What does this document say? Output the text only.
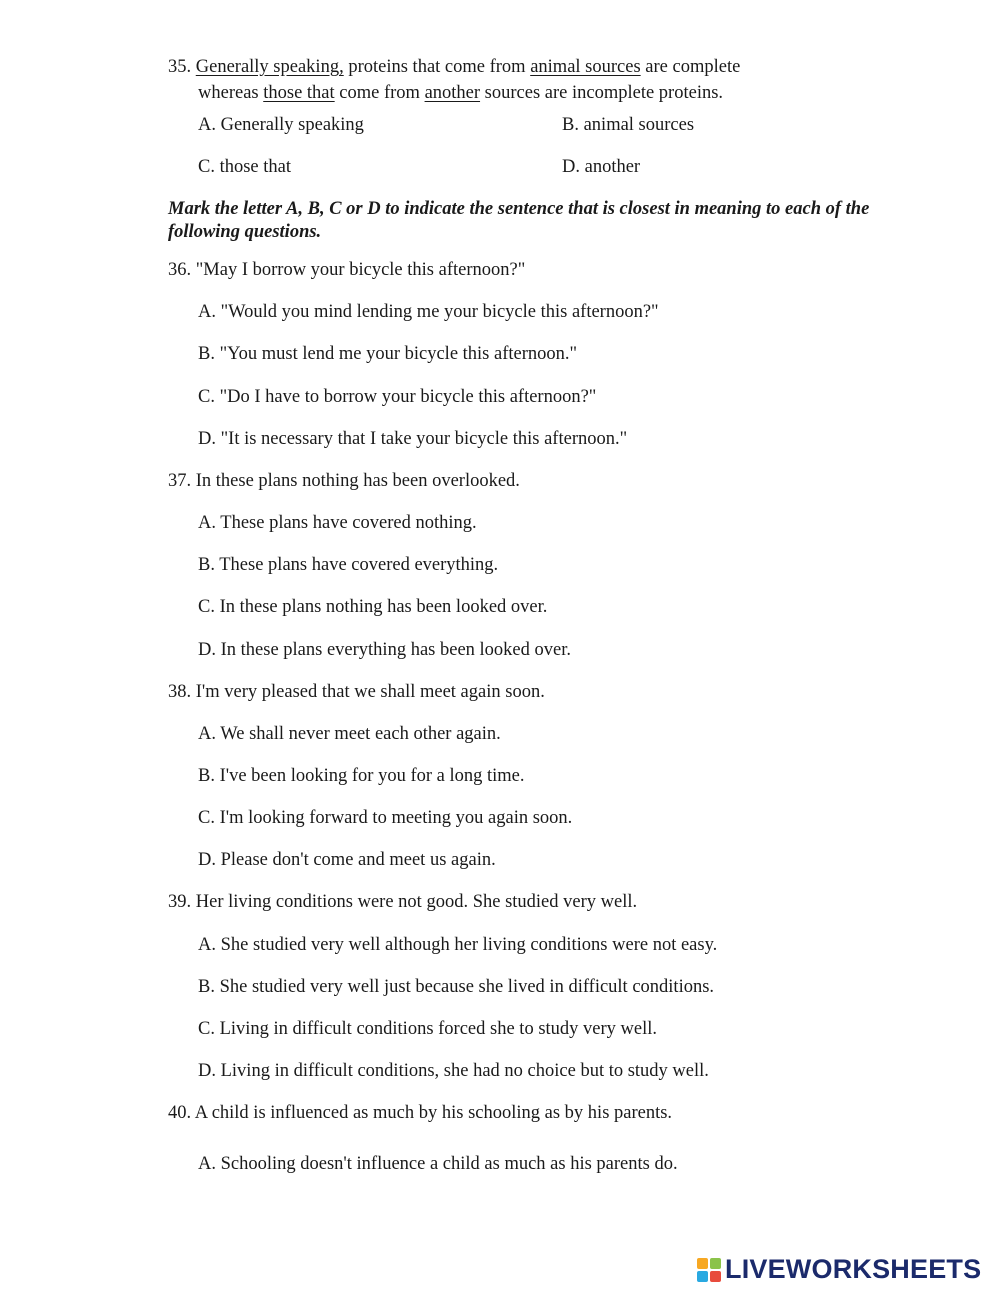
35. Generally speaking, proteins that come from animal sources are complete
whereas those that come from another sources are incomplete proteins.
A. Generally speaking	B. animal sources
C. those that	D. another
Mark the letter A, B, C or D to indicate the sentence that is closest in meaning to each of the following questions.
36. "May I borrow your bicycle this afternoon?"
A. "Would you mind lending me your bicycle this afternoon?"
B. "You must lend me your bicycle this afternoon."
C. "Do I have to borrow your bicycle this afternoon?"
D. "It is necessary that I take your bicycle this afternoon."
37. In these plans nothing has been overlooked.
A. These plans have covered nothing.
B. These plans have covered everything.
C. In these plans nothing has been looked over.
D. In these plans everything has been looked over.
38. I'm very pleased that we shall meet again soon.
A. We shall never meet each other again.
B. I've been looking for you for a long time.
C. I'm looking forward to meeting you again soon.
D. Please don't come and meet us again.
39. Her living conditions were not good. She studied very well.
A. She studied very well although her living conditions were not easy.
B. She studied very well just because she lived in difficult conditions.
C. Living in difficult conditions forced she to study very well.
D. Living in difficult conditions, she had no choice but to study well.
40. A child is influenced as much by his schooling as by his parents.
A. Schooling doesn't influence a child as much as his parents do.
LIVEWORKSHEETS
